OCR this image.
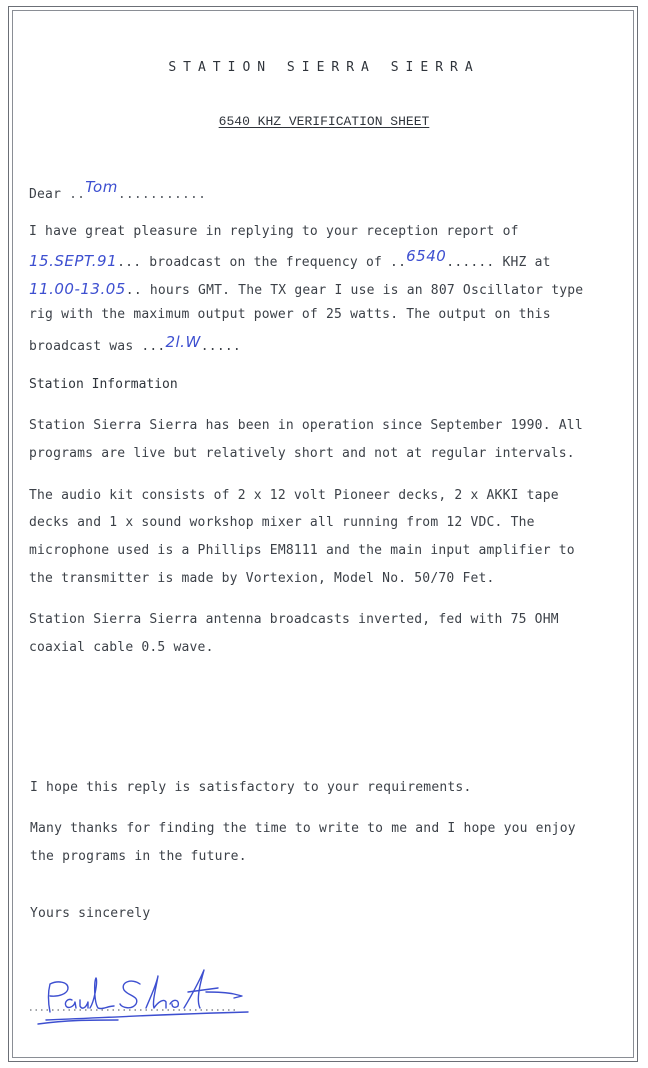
STATION SIERRA SIERRA
6540 KHZ VERIFICATION SHEET
Dear ..Tom...........
I have great pleasure in replying to your reception report of
15.SEPT.91... broadcast on the frequency of ..6540...... KHZ at
11.00-13.05.. hours GMT. The TX gear I use is an 807 Oscillator type
rig with the maximum output power of 25 watts. The output on this
broadcast was ...2l.W.....
Station Information
Station Sierra Sierra has been in operation since September 1990. All
programs are live but relatively short and not at regular intervals.
The audio kit consists of 2 x 12 volt Pioneer decks, 2 x AKKI tape
decks and 1 x sound workshop mixer all running from 12 VDC. The
microphone used is a Phillips EM8111 and the main input amplifier to
the transmitter is made by Vortexion, Model No. 50/70 Fet.
Station Sierra Sierra antenna broadcasts inverted, fed with 75 OHM
coaxial cable 0.5 wave.
I hope this reply is satisfactory to your requirements.
Many thanks for finding the time to write to me and I hope you enjoy
the programs in the future.
Yours sincerely
